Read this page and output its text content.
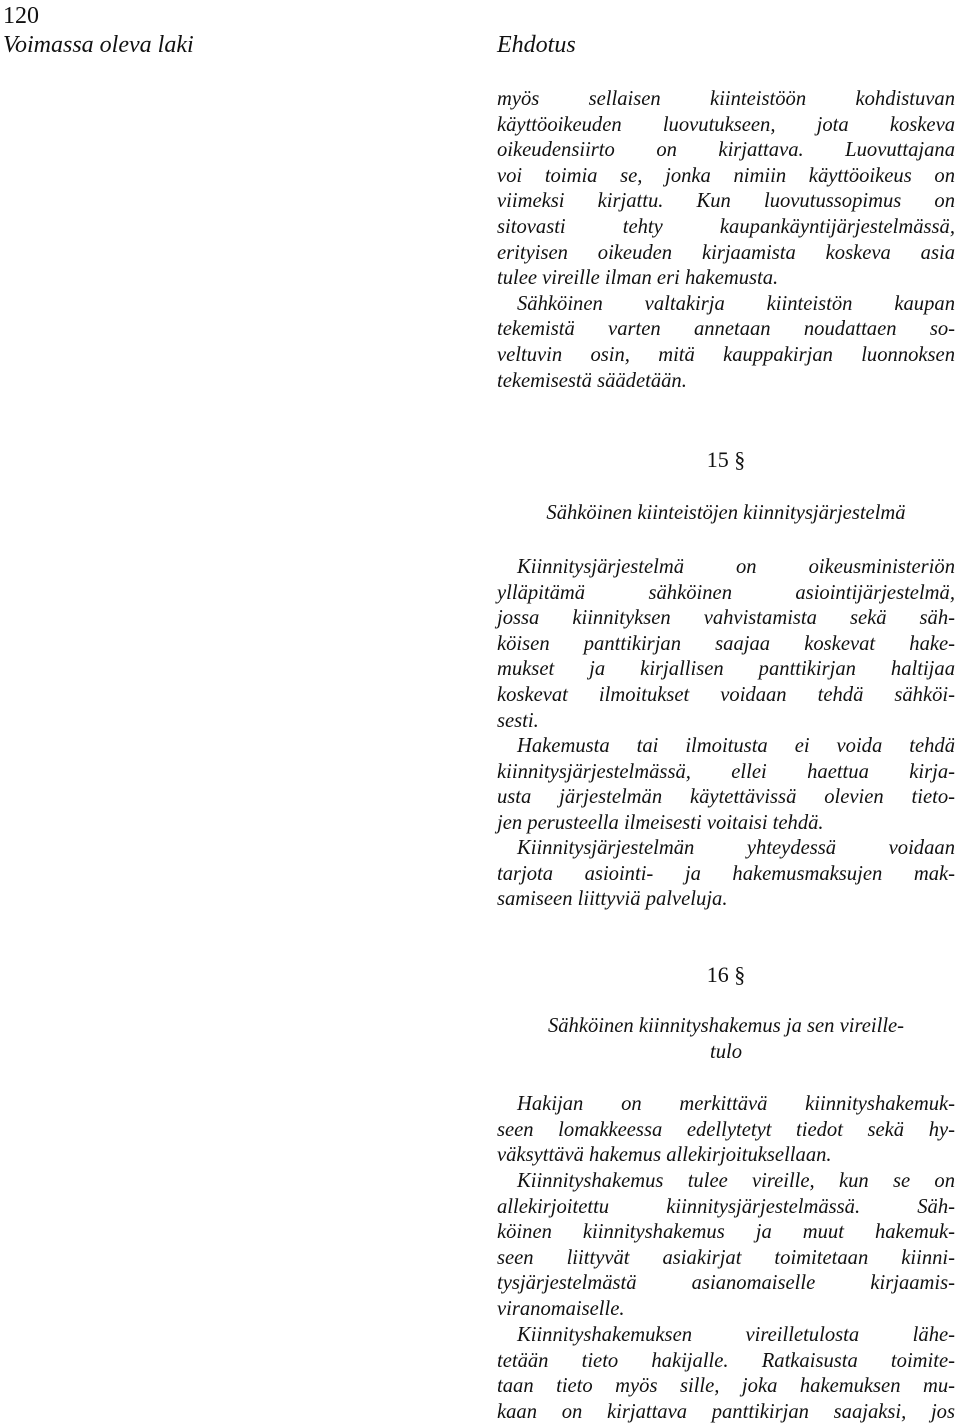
120
Voimassa oleva laki	Ehdotus
myös sellaisen kiinteistöön kohdistuvan
käyttöoikeuden luovutukseen, jota koskeva
oikeudensiirto on kirjattava. Luovuttajana
voi toimia se, jonka nimiin käyttöoikeus on
viimeksi kirjattu. Kun luovutussopimus on
sitovasti tehty kaupankäyntijärjestelmässä,
erityisen oikeuden kirjaamista koskeva asia
tulee vireille ilman eri hakemusta.
Sähköinen valtakirja kiinteistön kaupan
tekemistä varten annetaan noudattaen so-
veltuvin osin, mitä kauppakirjan luonnoksen
tekemisestä säädetään.
15 §
Sähköinen kiinteistöjen kiinnitysjärjestelmä
Kiinnitysjärjestelmä on oikeusministeriön
ylläpitämä sähköinen asiointijärjestelmä,
jossa kiinnityksen vahvistamista sekä säh-
köisen panttikirjan saajaa koskevat hake-
mukset ja kirjallisen panttikirjan haltijaa
koskevat ilmoitukset voidaan tehdä sähköi-
sesti.
Hakemusta tai ilmoitusta ei voida tehdä
kiinnitysjärjestelmässä, ellei haettua kirja-
usta järjestelmän käytettävissä olevien tieto-
jen perusteella ilmeisesti voitaisi tehdä.
Kiinnitysjärjestelmän yhteydessä voidaan
tarjota asiointi- ja hakemusmaksujen mak-
samiseen liittyviä palveluja.
16 §
Sähköinen kiinnityshakemus ja sen vireille-
tulo
Hakijan on merkittävä kiinnityshakemuk-
seen lomakkeessa edellytetyt tiedot sekä hy-
väksyttävä hakemus allekirjoituksellaan.
Kiinnityshakemus tulee vireille, kun se on
allekirjoitettu kiinnitysjärjestelmässä. Säh-
köinen kiinnityshakemus ja muut hakemuk-
seen liittyvät asiakirjat toimitetaan kiinni-
tysjärjestelmästä asianomaiselle kirjaamis-
viranomaiselle.
Kiinnityshakemuksen vireilletulosta lähe-
tetään tieto hakijalle. Ratkaisusta toimite-
taan tieto myös sille, joka hakemuksen mu-
kaan on kirjattava panttikirjan saajaksi, jos
